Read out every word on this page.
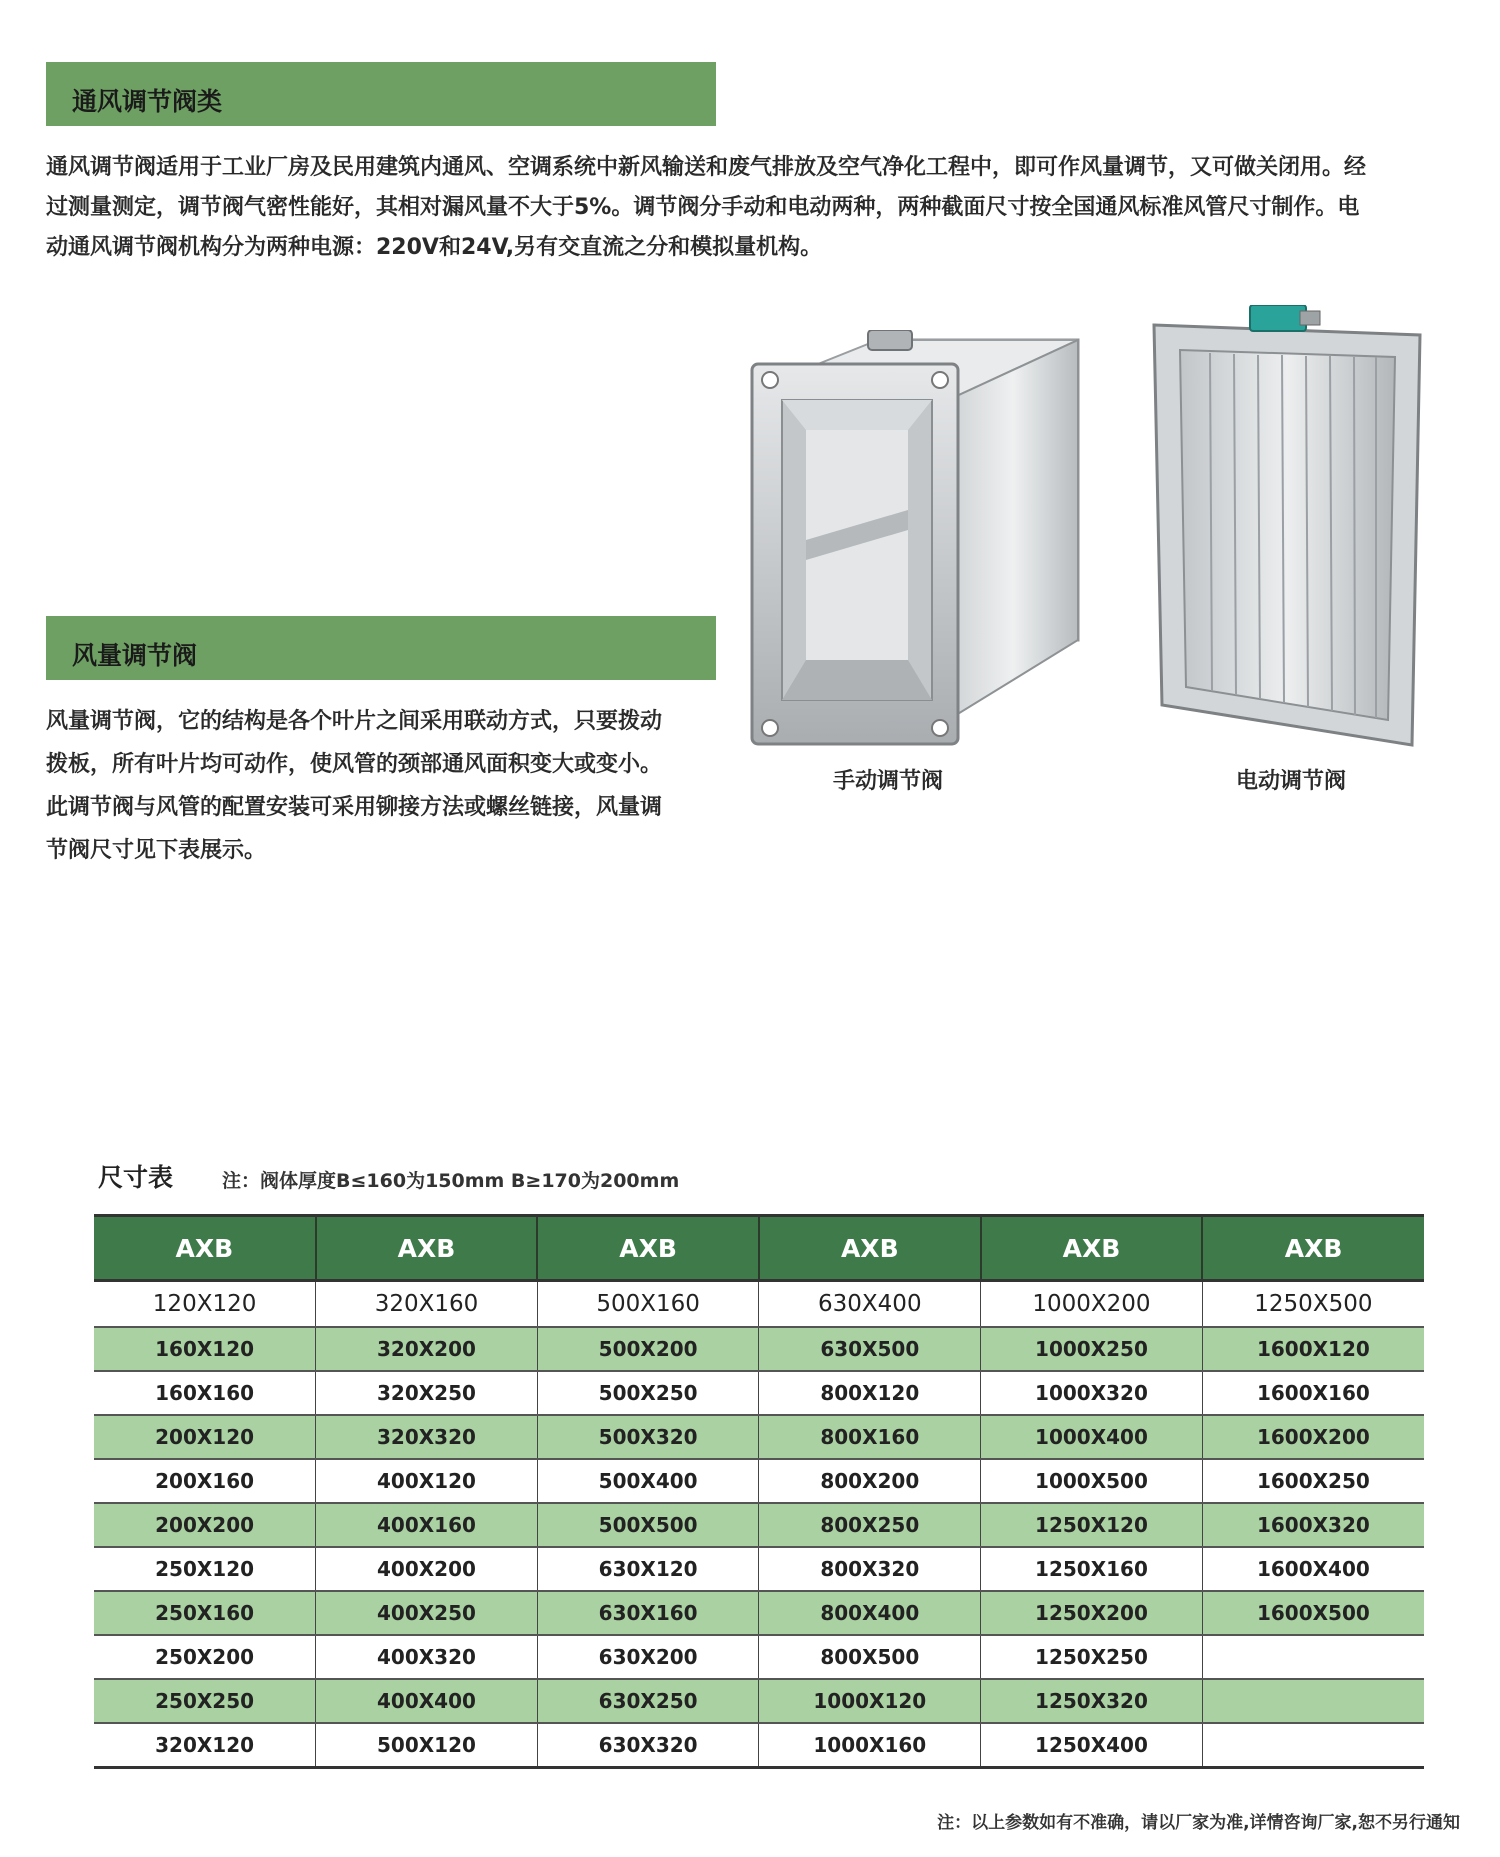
通风调节阀类

通风调节阀适用于工业厂房及民用建筑内通风、空调系统中新风输送和废气排放及空气净化工程中，即可作风量调节，又可做关闭用。经

过测量测定，调节阀气密性能好，其相对漏风量不大于5%。调节阀分手动和电动两种，两种截面尺寸按全国通风标准风管尺寸制作。电

动通风调节阀机构分为两种电源：220V和24V,另有交直流之分和模拟量机构。

风量调节阀

风量调节阀，它的结构是各个叶片之间采用联动方式，只要拨动

拨板，所有叶片均可动作，使风管的颈部通风面积变大或变小。

此调节阀与风管的配置安装可采用铆接方法或螺丝链接，风量调

节阀尺寸见下表展示。

手动调节阀	电动调节阀
尺寸表	注：阀体厚度B≤160为150mm B≥170为200mm
AXB	AXB	AXB	AXB	AXB	AXB
120X120	320X160	500X160	630X400	1000X200	1250X500
160X120	320X200	500X200	630X500	1000X250	1600X120
160X160	320X250	500X250	800X120	1000X320	1600X160
200X120	320X320	500X320	800X160	1000X400	1600X200
200X160	400X120	500X400	800X200	1000X500	1600X250
200X200	400X160	500X500	800X250	1250X120	1600X320
250X120	400X200	630X120	800X320	1250X160	1600X400
250X160	400X250	630X160	800X400	1250X200	1600X500
250X200	400X320	630X200	800X500	1250X250	
250X250	400X400	630X250	1000X120	1250X320	
320X120	500X120	630X320	1000X160	1250X400	
注：以上参数如有不准确，请以厂家为准,详情咨询厂家,恕不另行通知
